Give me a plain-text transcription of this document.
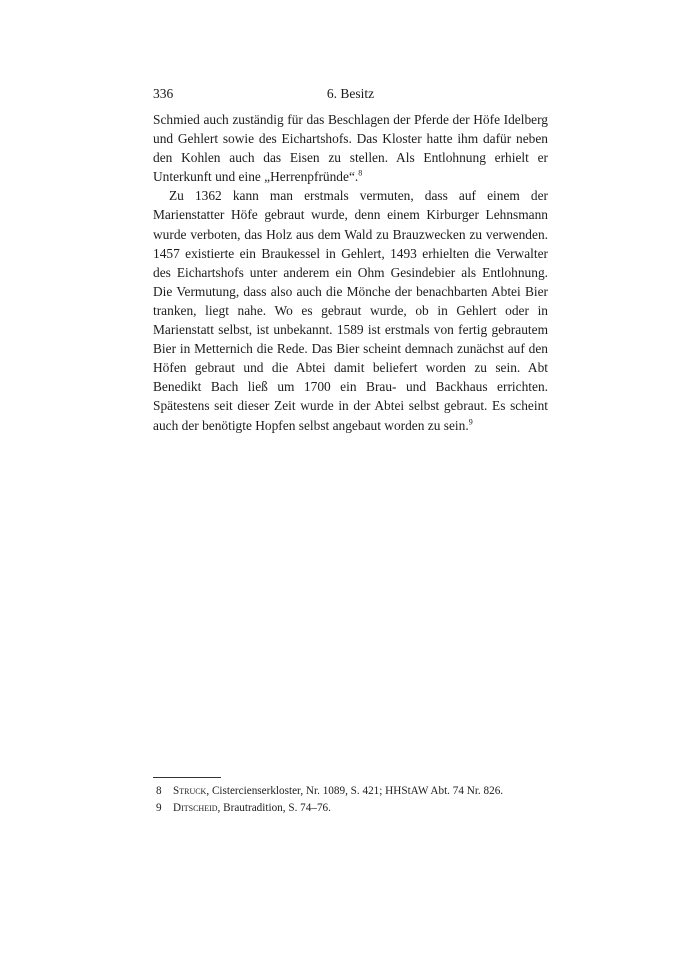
336	6. Besitz

Schmied auch zuständig für das Beschlagen der Pferde der Höfe Idelberg und Gehlert sowie des Eichartshofs. Das Kloster hatte ihm dafür neben den Kohlen auch das Eisen zu stellen. Als Entlohnung erhielt er Unterkunft und eine „Herrenpfründe“.$^8$

Zu 1362 kann man erstmals vermuten, dass auf einem der Marienstatter Höfe gebraut wurde, denn einem Kirburger Lehnsmann wurde verboten, das Holz aus dem Wald zu Brauzwecken zu verwenden. 1457 existierte ein Braukessel in Gehlert, 1493 erhielten die Verwalter des Eichartshofs unter anderem ein Ohm Gesindebier als Entlohnung. Die Vermutung, dass also auch die Mönche der benachbarten Abtei Bier tranken, liegt nahe. Wo es gebraut wurde, ob in Gehlert oder in Marienstatt selbst, ist unbekannt. 1589 ist erstmals von fertig gebrautem Bier in Metternich die Rede. Das Bier scheint demnach zunächst auf den Höfen gebraut und die Abtei damit beliefert worden zu sein. Abt Benedikt Bach ließ um 1700 ein Brau- und Backhaus errichten. Spätestens seit dieser Zeit wurde in der Abtei selbst gebraut. Es scheint auch der benötigte Hopfen selbst angebaut worden zu sein.$^9$

8	Struck, Cistercienserkloster, Nr. 1089, S. 421; HHStAW Abt. 74 Nr. 826.
9	Ditscheid, Brautradition, S. 74–76.
